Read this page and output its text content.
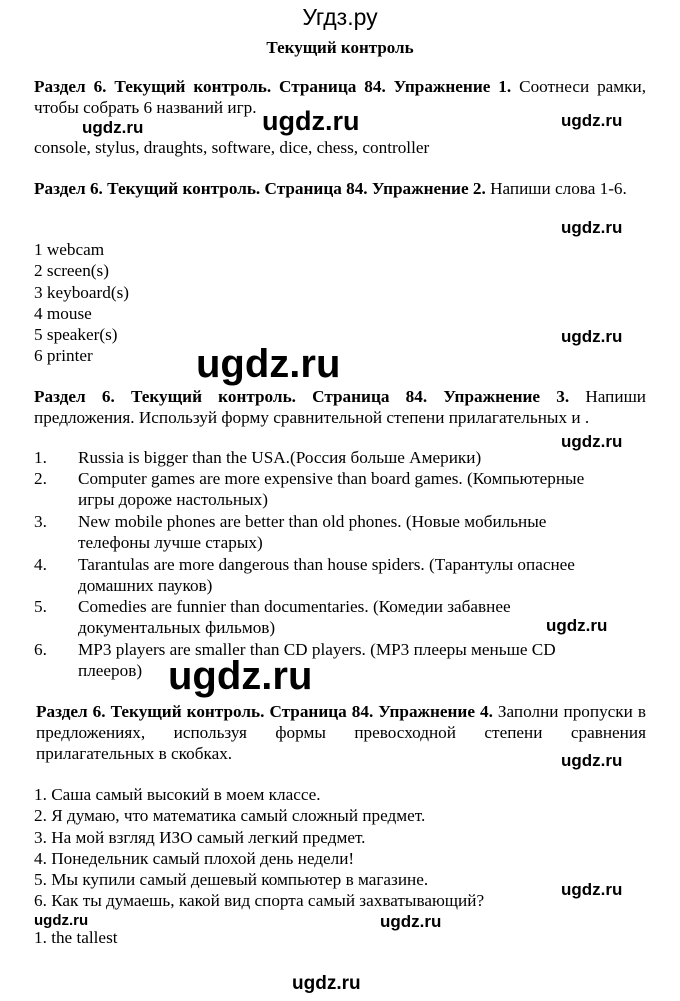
Угдз.ру
Текущий контроль
Раздел 6. Текущий контроль. Страница 84. Упражнение 1. Соотнеси рамки, чтобы собрать 6 названий игр.
console, stylus, draughts, software, dice, chess, controller
Раздел 6. Текущий контроль. Страница 84. Упражнение 2. Напиши слова 1-6.
1 webcam
2 screen(s)
3 keyboard(s)
4 mouse
5 speaker(s)
6 printer
Раздел 6. Текущий контроль. Страница 84. Упражнение 3. Напиши предложения. Используй форму сравнительной степени прилагательных и .
1. Russia is bigger than the USA.(Россия больше Америки)
2. Computer games are more expensive than board games. (Компьютерные
игры дороже настольных)
3. New mobile phones are better than old phones. (Новые мобильные
телефоны лучше старых)
4. Tarantulas are more dangerous than house spiders. (Тарантулы опаснее
домашних пауков)
5. Comedies are funnier than documentaries. (Комедии забавнее
документальных фильмов)
6. MP3 players are smaller than CD players. (MP3 плееры меньше CD
плееров)
Раздел 6. Текущий контроль. Страница 84. Упражнение 4. Заполни пропуски в предложениях, используя формы превосходной степени сравнения прилагательных в скобках.
1. Саша самый высокий в моем классе.
2. Я думаю, что математика самый сложный предмет.
3. На мой взгляд ИЗО самый легкий предмет.
4. Понедельник самый плохой день недели!
5. Мы купили самый дешевый компьютер в магазине.
6. Как ты думаешь, какой вид спорта самый захватывающий?
1. the tallest
ugdz.ru	ugdz.ru	ugdz.ru
ugdz.ru
ugdz.ru
ugdz.ru
ugdz.ru
ugdz.ru
ugdz.ru
ugdz.ru
ugdz.ru
ugdz.ru	ugdz.ru
ugdz.ru
